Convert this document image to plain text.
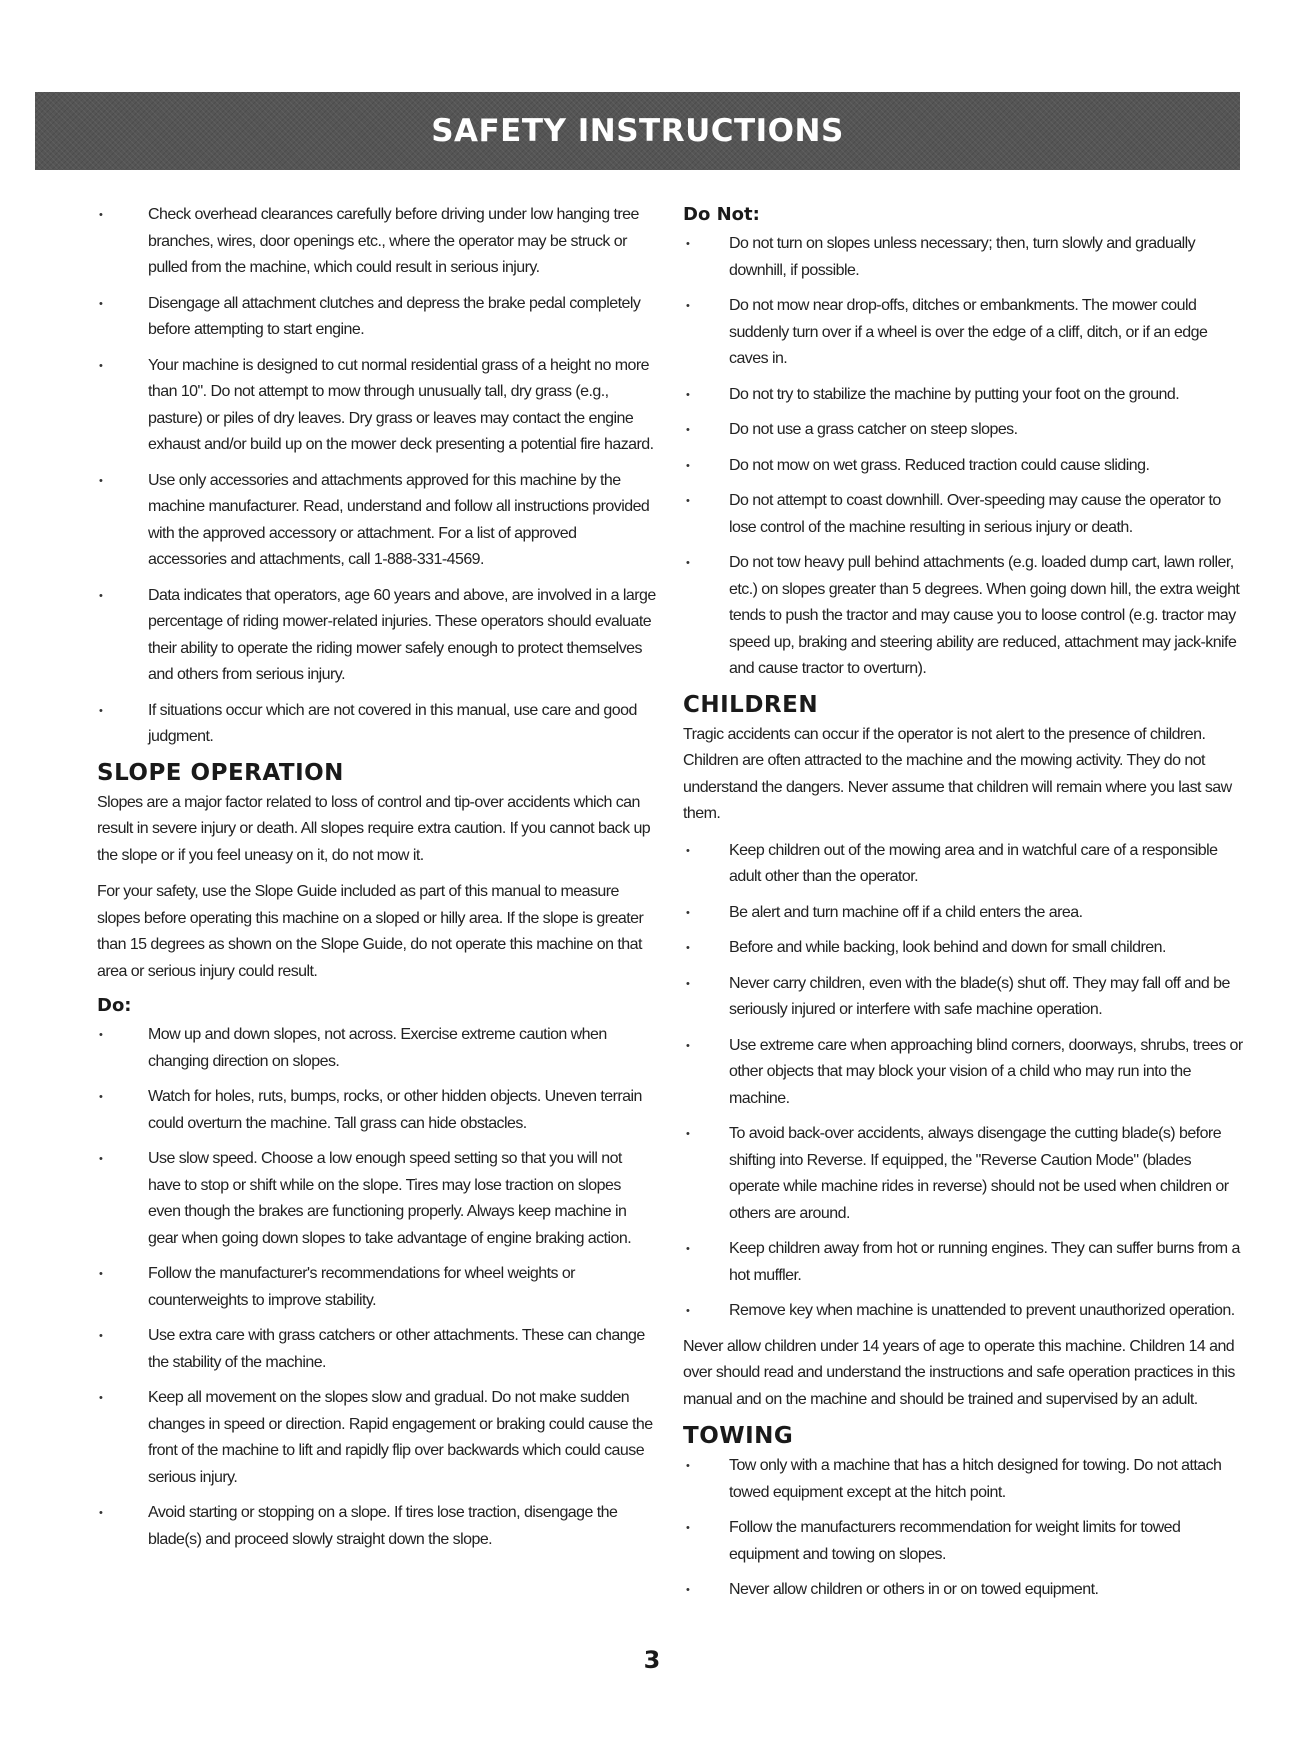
SAFETY INSTRUCTIONS
• Check overhead clearances carefully before driving under low hanging tree branches, wires, door openings etc., where the operator may be struck or pulled from the machine, which could result in serious injury.
• Disengage all attachment clutches and depress the brake pedal completely before attempting to start engine.
• Your machine is designed to cut normal residential grass of a height no more than 10". Do not attempt to mow through unusually tall, dry grass (e.g., pasture) or piles of dry leaves. Dry grass or leaves may contact the engine exhaust and/or build up on the mower deck presenting a potential fire hazard.
• Use only accessories and attachments approved for this machine by the machine manufacturer. Read, understand and follow all instructions provided with the approved accessory or attachment. For a list of approved accessories and attachments, call 1-888-331-4569.
• Data indicates that operators, age 60 years and above, are involved in a large percentage of riding mower-related injuries. These operators should evaluate their ability to operate the riding mower safely enough to protect themselves and others from serious injury.
• If situations occur which are not covered in this manual, use care and good judgment.
SLOPE OPERATION

Slopes are a major factor related to loss of control and tip-over accidents which can result in severe injury or death. All slopes require extra caution. If you cannot back up the slope or if you feel uneasy on it, do not mow it.

For your safety, use the Slope Guide included as part of this manual to measure slopes before operating this machine on a sloped or hilly area. If the slope is greater than 15 degrees as shown on the Slope Guide, do not operate this machine on that area or serious injury could result.

Do:
• Mow up and down slopes, not across. Exercise extreme caution when changing direction on slopes.
• Watch for holes, ruts, bumps, rocks, or other hidden objects. Uneven terrain could overturn the machine. Tall grass can hide obstacles.
• Use slow speed. Choose a low enough speed setting so that you will not have to stop or shift while on the slope. Tires may lose traction on slopes even though the brakes are functioning properly. Always keep machine in gear when going down slopes to take advantage of engine braking action.
• Follow the manufacturer's recommendations for wheel weights or counterweights to improve stability.
• Use extra care with grass catchers or other attachments. These can change the stability of the machine.
• Keep all movement on the slopes slow and gradual. Do not make sudden changes in speed or direction. Rapid engagement or braking could cause the front of the machine to lift and rapidly flip over backwards which could cause serious injury.
• Avoid starting or stopping on a slope. If tires lose traction, disengage the blade(s) and proceed slowly straight down the slope.
Do Not:
• Do not turn on slopes unless necessary; then, turn slowly and gradually downhill, if possible.
• Do not mow near drop-offs, ditches or embankments. The mower could suddenly turn over if a wheel is over the edge of a cliff, ditch, or if an edge caves in.
• Do not try to stabilize the machine by putting your foot on the ground.
• Do not use a grass catcher on steep slopes.
• Do not mow on wet grass. Reduced traction could cause sliding.
• Do not attempt to coast downhill. Over-speeding may cause the operator to lose control of the machine resulting in serious injury or death.
• Do not tow heavy pull behind attachments (e.g. loaded dump cart, lawn roller, etc.) on slopes greater than 5 degrees. When going down hill, the extra weight tends to push the tractor and may cause you to loose control (e.g. tractor may speed up, braking and steering ability are reduced, attachment may jack-knife and cause tractor to overturn).
CHILDREN

Tragic accidents can occur if the operator is not alert to the presence of children. Children are often attracted to the machine and the mowing activity. They do not understand the dangers. Never assume that children will remain where you last saw them.

• Keep children out of the mowing area and in watchful care of a responsible adult other than the operator.
• Be alert and turn machine off if a child enters the area.
• Before and while backing, look behind and down for small children.
• Never carry children, even with the blade(s) shut off. They may fall off and be seriously injured or interfere with safe machine operation.
• Use extreme care when approaching blind corners, doorways, shrubs, trees or other objects that may block your vision of a child who may run into the machine.
• To avoid back-over accidents, always disengage the cutting blade(s) before shifting into Reverse. If equipped, the "Reverse Caution Mode" (blades operate while machine rides in reverse) should not be used when children or others are around.
• Keep children away from hot or running engines. They can suffer burns from a hot muffler.
• Remove key when machine is unattended to prevent unauthorized operation.

Never allow children under 14 years of age to operate this machine. Children 14 and over should read and understand the instructions and safe operation practices in this manual and on the machine and should be trained and supervised by an adult.

TOWING
• Tow only with a machine that has a hitch designed for towing. Do not attach towed equipment except at the hitch point.
• Follow the manufacturers recommendation for weight limits for towed equipment and towing on slopes.
• Never allow children or others in or on towed equipment.
3
